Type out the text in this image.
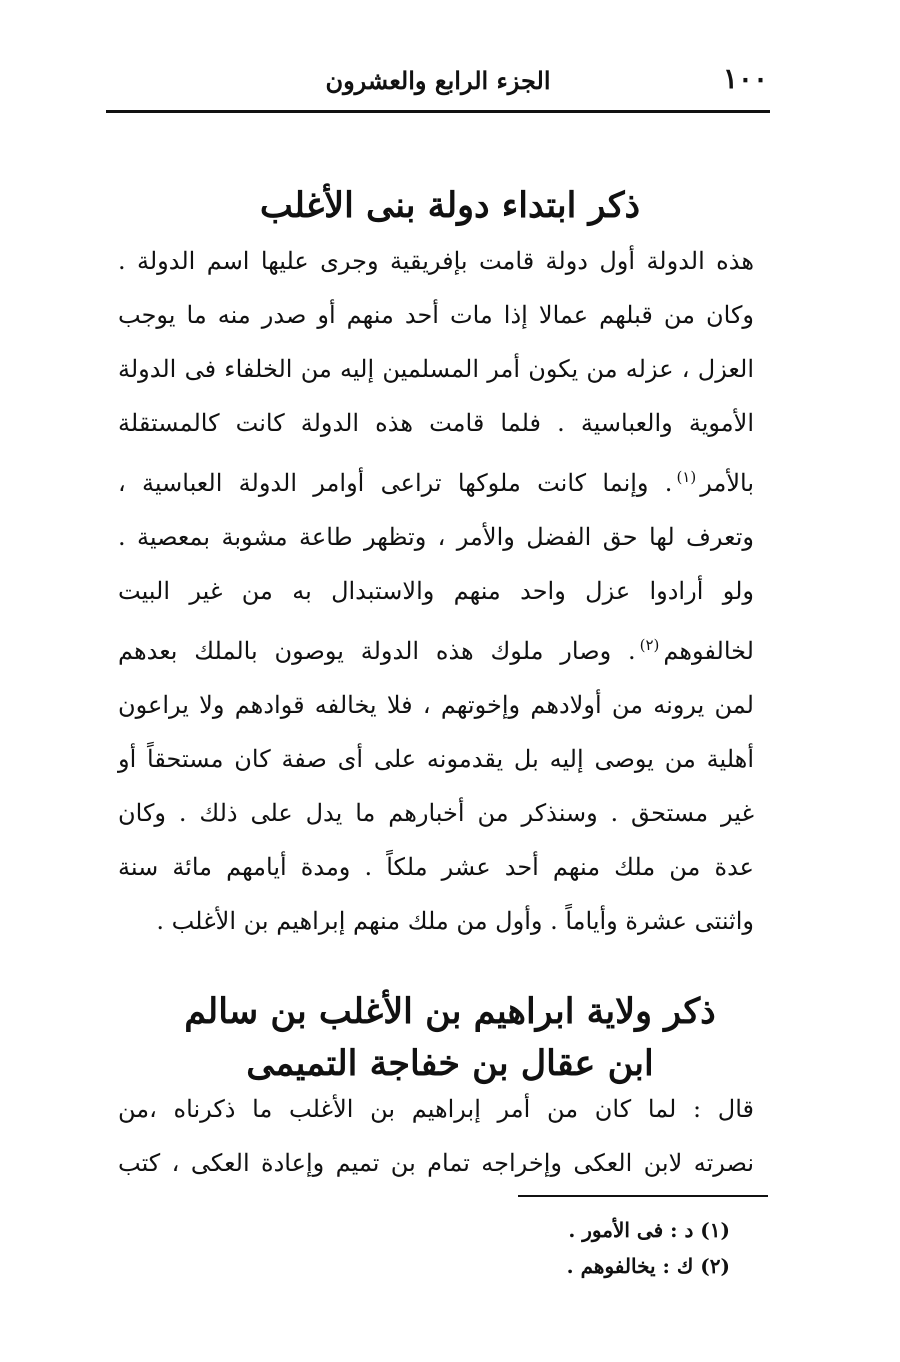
١٠٠
الجزء الرابع والعشرون
ذكر ابتداء دولة بنى الأغلب
هذه الدولة أول دولة قامت بإفريقية وجرى عليها اسم الدولة .
وكان من قبلهم عمالا إذا مات أحد منهم أو صدر منه ما يوجب
العزل ، عزله من يكون أمر المسلمين إليه من الخلفاء فى الدولة
الأموية والعباسية . فلما قامت هذه الدولة كانت كالمستقلة
بالأمر$^{(١)}$. وإنما كانت ملوكها تراعى أوامر الدولة العباسية ،
وتعرف لها حق الفضل والأمر ، وتظهر طاعة مشوبة بمعصية .
ولو أرادوا عزل واحد منهم والاستبدال به من غير البيت
لخالفوهم$^{(٢)}$. وصار ملوك هذه الدولة يوصون بالملك بعدهم
لمن يرونه من أولادهم وإخوتهم ، فلا يخالفه قوادهم ولا يراعون
أهلية من يوصى إليه بل يقدمونه على أى صفة كان مستحقاً أو
غير مستحق . وسنذكر من أخبارهم ما يدل على ذلك . وكان
عدة من ملك منهم أحد عشر ملكاً . ومدة أيامهم مائة سنة
واثنتى عشرة وأياماً . وأول من ملك منهم إبراهيم بن الأغلب .
ذكر ولاية ابراهيم بن الأغلب بن سالم
ابن عقال بن خفاجة التميمى
قال : لما كان من أمر إبراهيم بن الأغلب ما ذكرناه ،من
نصرته لابن العكى وإخراجه تمام بن تميم وإعادة العكى ، كتب
(١) د : فى الأمور .
(٢) ك : يخالفوهم .
